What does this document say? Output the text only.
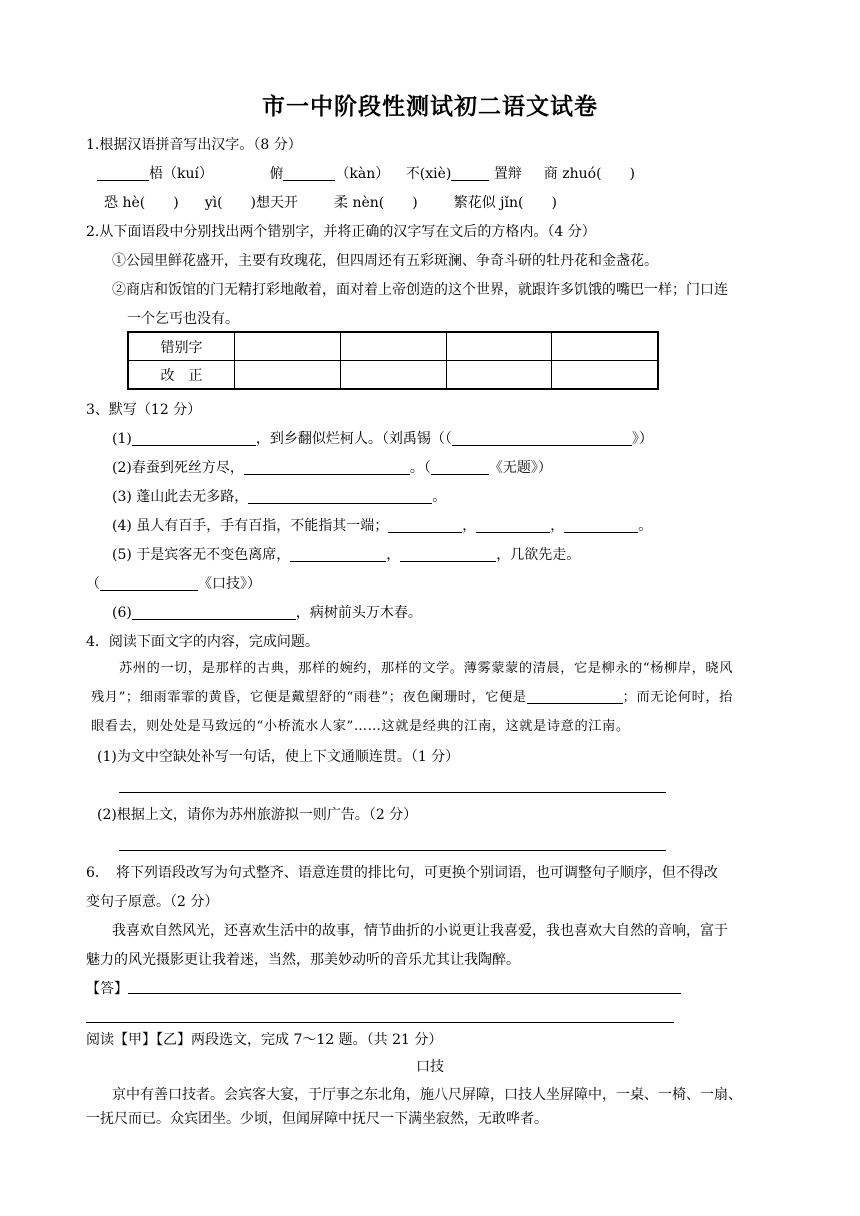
市一中阶段性测试初二语文试卷
1.根据汉语拼音写出汉字。（8 分）
梧（kuí）	俯	（kàn） 不(xiè)	置辩 商 zhuó(　　)
恐 hè(　　) yì(　　)想天开	柔 nèn(　　)	繁花似 jǐn(　　)
2.从下面语段中分别找出两个错别字，并将正确的汉字写在文后的方格内。（4 分）
①公园里鲜花盛开，主要有玫瑰花，但四周还有五彩斑澜、争奇斗研的牡丹花和金盏花。
②商店和饭馆的门无精打彩地敞着，面对着上帝创造的这个世界，就跟许多饥饿的嘴巴一样；门口连
一个乞丐也没有。
错别字				
改　正				
3、默写（12 分）
(1)	，到乡翻似烂柯人。（刘禹锡（（	》）
(2)春蚕到死丝方尽，	。（	《无题》）
(3) 蓬山此去无多路，	。
(4) 虽人有百手，手有百指，不能指其一端；	，	，	。
(5) 于是宾客无不变色离席，	，	，几欲先走。
（	《口技》）
(6)	，病树前头万木春。
4．阅读下面文字的内容，完成问题。
苏州的一切，是那样的古典，那样的婉约，那样的文学。薄雾蒙蒙的清晨，它是柳永的“杨柳岸，晓风
残月”；细雨霏霏的黄昏，它便是戴望舒的“雨巷”；夜色阑珊时，它便是	；而无论何时，抬
眼看去，则处处是马致远的“小桥流水人家”……这就是经典的江南，这就是诗意的江南。
(1)为文中空缺处补写一句话，使上下文通顺连贯。（1 分）
(2)根据上文，请你为苏州旅游拟一则广告。（2 分）
6．　将下列语段改写为句式整齐、语意连贯的排比句，可更换个别词语，也可调整句子顺序，但不得改
变句子原意。（2 分）
我喜欢自然风光，还喜欢生活中的故事，情节曲折的小说更让我喜爱，我也喜欢大自然的音响，富于
魅力的风光摄影更让我着迷，当然，那美妙动听的音乐尤其让我陶醉。
【答】
阅读【甲】【乙】两段选文，完成 7～12 题。（共 21 分）
口技
京中有善口技者。会宾客大宴，于厅事之东北角，施八尺屏障，口技人坐屏障中，一桌、一椅、一扇、
一抚尺而已。众宾团坐。少顷，但闻屏障中抚尺一下满坐寂然，无敢哗者。
